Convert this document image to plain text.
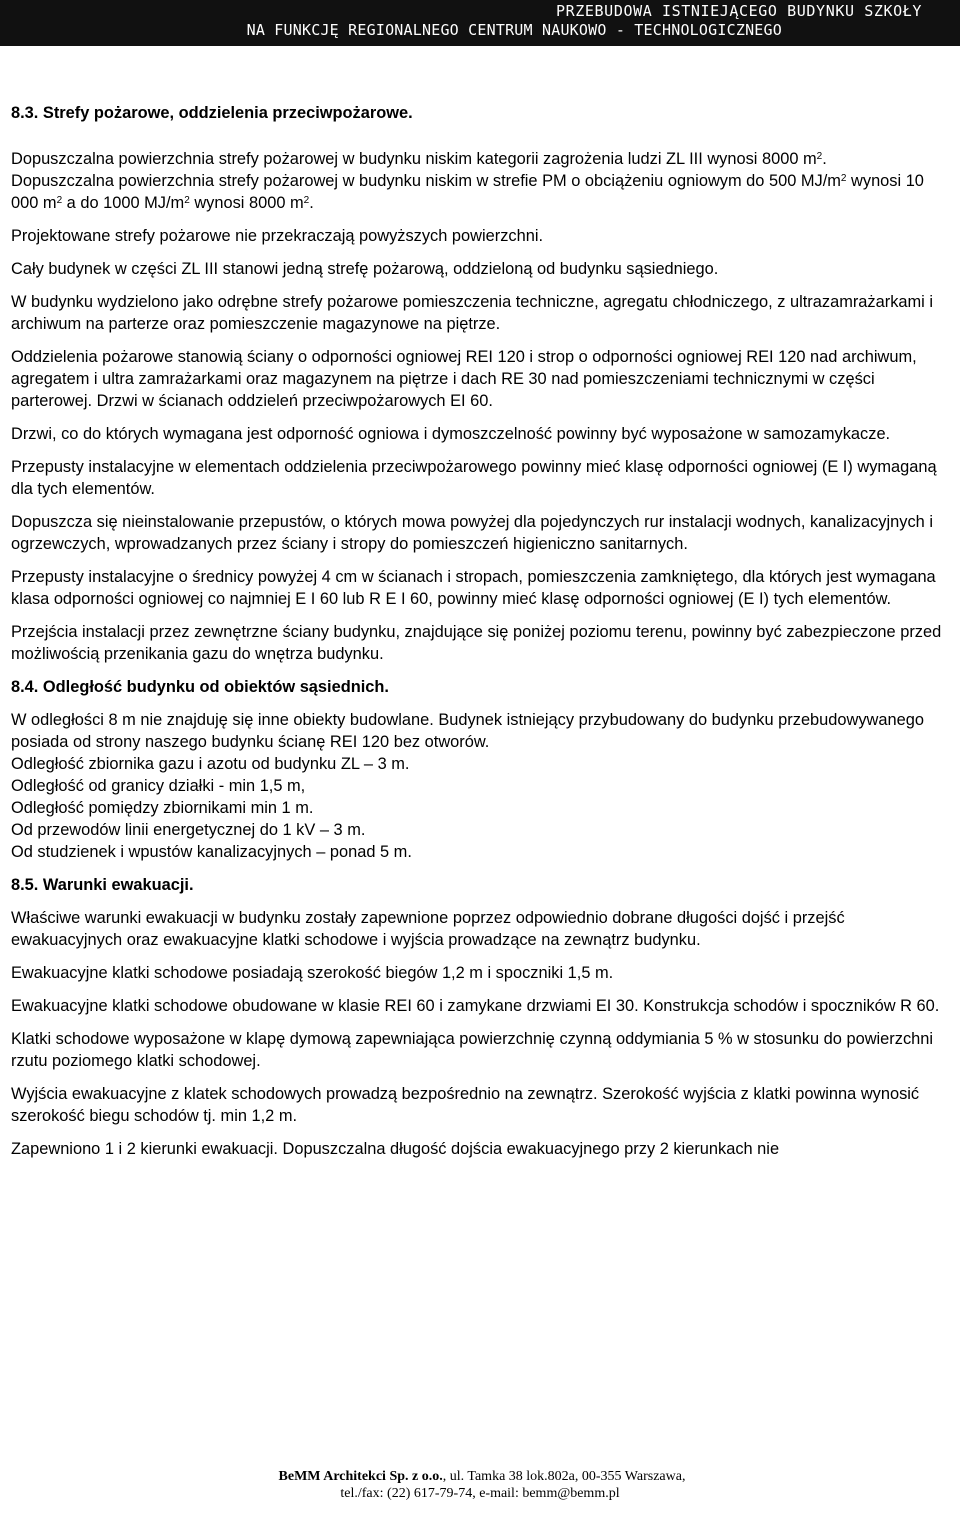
PRZEBUDOWA ISTNIEJĄCEGO BUDYNKU SZKOŁY
NA FUNKCJĘ REGIONALNEGO CENTRUM NAUKOWO - TECHNOLOGICZNEGO
8.3. Strefy pożarowe, oddzielenia przeciwpożarowe.

Dopuszczalna powierzchnia strefy pożarowej w budynku niskim kategorii zagrożenia ludzi ZL III wynosi 8000 $m^2$.

Dopuszczalna powierzchnia strefy pożarowej w budynku niskim w strefie PM o obciążeniu ogniowym do 500 $MJ/m^2$ wynosi 10 000 $m^2$ a do 1000 $MJ/m^2$ wynosi 8000 $m^2$.

Projektowane strefy pożarowe nie przekraczają powyższych powierzchni.

Cały budynek w części ZL III stanowi jedną strefę pożarową, oddzieloną od budynku sąsiedniego.

W budynku wydzielono jako odrębne strefy pożarowe pomieszczenia techniczne, agregatu chłodniczego, z ultrazamrażarkami i archiwum na parterze oraz pomieszczenie magazynowe na piętrze.

Oddzielenia pożarowe stanowią ściany o odporności ogniowej REI 120 i strop o odporności ogniowej REI 120 nad archiwum, agregatem i ultra zamrażarkami oraz magazynem na piętrze i dach RE 30 nad pomieszczeniami technicznymi w części parterowej. Drzwi w ścianach oddzieleń przeciwpożarowych EI 60.

Drzwi, co do których wymagana jest odporność ogniowa i dymoszczelność powinny być wyposażone w samozamykacze.

Przepusty instalacyjne w elementach oddzielenia przeciwpożarowego powinny mieć klasę odporności ogniowej (E I) wymaganą dla tych elementów.

Dopuszcza się nieinstalowanie przepustów, o których mowa powyżej dla pojedynczych rur instalacji wodnych, kanalizacyjnych i ogrzewczych, wprowadzanych przez ściany i stropy do pomieszczeń higieniczno sanitarnych.

Przepusty instalacyjne o średnicy powyżej 4 cm w ścianach i stropach, pomieszczenia zamkniętego, dla których jest wymagana klasa odporności ogniowej co najmniej E I 60 lub R E I 60, powinny mieć klasę odporności ogniowej (E I) tych elementów.

Przejścia instalacji przez zewnętrzne ściany budynku, znajdujące się poniżej poziomu terenu, powinny być zabezpieczone przed możliwością przenikania gazu do wnętrza budynku.

8.4. Odległość budynku od obiektów sąsiednich.

W odległości 8 m nie znajduję się inne obiekty budowlane. Budynek istniejący przybudowany do budynku przebudowywanego posiada od strony naszego budynku ścianę REI 120 bez otworów.

Odległość zbiornika gazu i azotu od budynku ZL – 3 m.

Odległość od granicy działki - min 1,5 m,

Odległość pomiędzy zbiornikami min 1 m.

Od przewodów linii energetycznej do 1 kV – 3 m.

Od studzienek i wpustów kanalizacyjnych – ponad 5 m.

8.5. Warunki ewakuacji.

Właściwe warunki ewakuacji w budynku zostały zapewnione poprzez odpowiednio dobrane długości dojść i przejść ewakuacyjnych oraz ewakuacyjne klatki schodowe i wyjścia prowadzące na zewnątrz budynku.

Ewakuacyjne klatki schodowe posiadają szerokość biegów 1,2 m i spoczniki 1,5 m.

Ewakuacyjne klatki schodowe obudowane w klasie REI 60 i zamykane drzwiami EI 30. Konstrukcja schodów i spoczników R 60.

Klatki schodowe wyposażone w klapę dymową zapewniająca powierzchnię czynną oddymiania 5 % w stosunku do powierzchni rzutu poziomego klatki schodowej.

Wyjścia ewakuacyjne z klatek schodowych prowadzą bezpośrednio na zewnątrz. Szerokość wyjścia z klatki powinna wynosić szerokość biegu schodów tj. min 1,2 m.

Zapewniono 1 i 2 kierunki ewakuacji. Dopuszczalna długość dojścia ewakuacyjnego przy 2 kierunkach nie

BeMM Architekci Sp. z o.o., ul. Tamka 38 lok.802a, 00-355 Warszawa,
tel./fax: (22) 617-79-74, e-mail: bemm@bemm.pl
